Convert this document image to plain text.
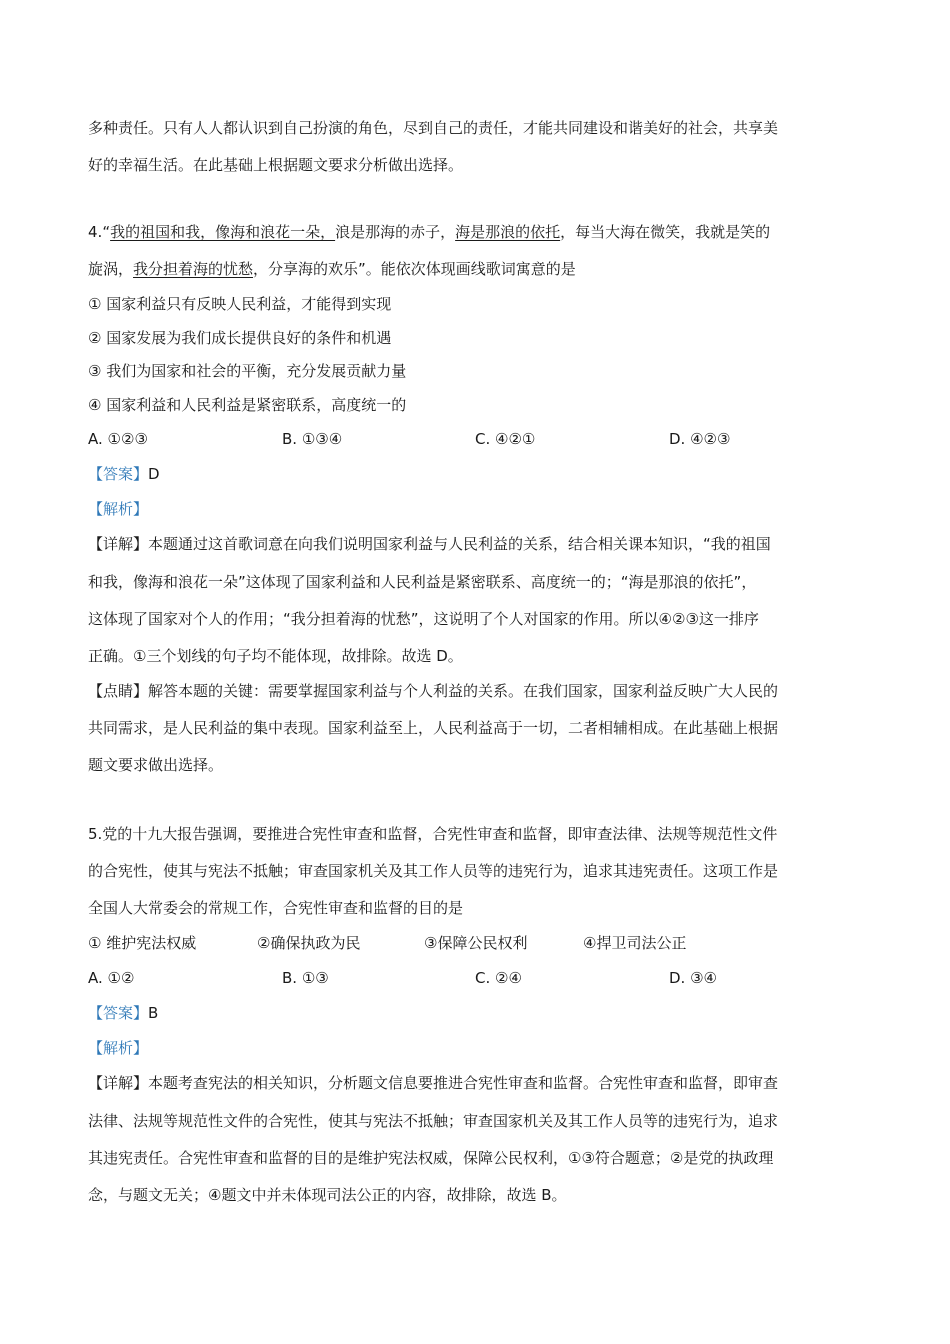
多种责任。只有人人都认识到自己扮演的角色，尽到自己的责任，才能共同建设和谐美好的社会，共享美
好的幸福生活。在此基础上根据题文要求分析做出选择。
4.“我的祖国和我，像海和浪花一朵，浪是那海的赤子，海是那浪的依托，每当大海在微笑，我就是笑的
旋涡，我分担着海的忧愁，分享海的欢乐”。能依次体现画线歌词寓意的是
① 国家利益只有反映人民利益，才能得到实现
② 国家发展为我们成长提供良好的条件和机遇
③ 我们为国家和社会的平衡，充分发展贡献力量
④ 国家利益和人民利益是紧密联系，高度统一的
A. ①②③	B. ①③④	C. ④②①	D. ④②③
【答案】D
【解析】
【详解】本题通过这首歌词意在向我们说明国家利益与人民利益的关系，结合相关课本知识，“我的祖国
和我，像海和浪花一朵”这体现了国家利益和人民利益是紧密联系、高度统一的；“海是那浪的依托”，
这体现了国家对个人的作用；“我分担着海的忧愁”，这说明了个人对国家的作用。所以④②③这一排序
正确。①三个划线的句子均不能体现，故排除。故选 D。
【点睛】解答本题的关键：需要掌握国家利益与个人利益的关系。在我们国家，国家利益反映广大人民的
共同需求，是人民利益的集中表现。国家利益至上，人民利益高于一切，二者相辅相成。在此基础上根据
题文要求做出选择。
5.党的十九大报告强调，要推进合宪性审查和监督，合宪性审查和监督，即审查法律、法规等规范性文件
的合宪性，使其与宪法不抵触；审查国家机关及其工作人员等的违宪行为，追求其违宪责任。这项工作是
全国人大常委会的常规工作，合宪性审查和监督的目的是
① 维护宪法权威	②确保执政为民	③保障公民权利	④捍卫司法公正
A. ①②	B. ①③	C. ②④	D. ③④
【答案】B
【解析】
【详解】本题考查宪法的相关知识，分析题文信息要推进合宪性审查和监督。合宪性审查和监督，即审查
法律、法规等规范性文件的合宪性，使其与宪法不抵触；审查国家机关及其工作人员等的违宪行为，追求
其违宪责任。合宪性审查和监督的目的是维护宪法权威，保障公民权利，①③符合题意；②是党的执政理
念，与题文无关；④题文中并未体现司法公正的内容，故排除，故选 B。
